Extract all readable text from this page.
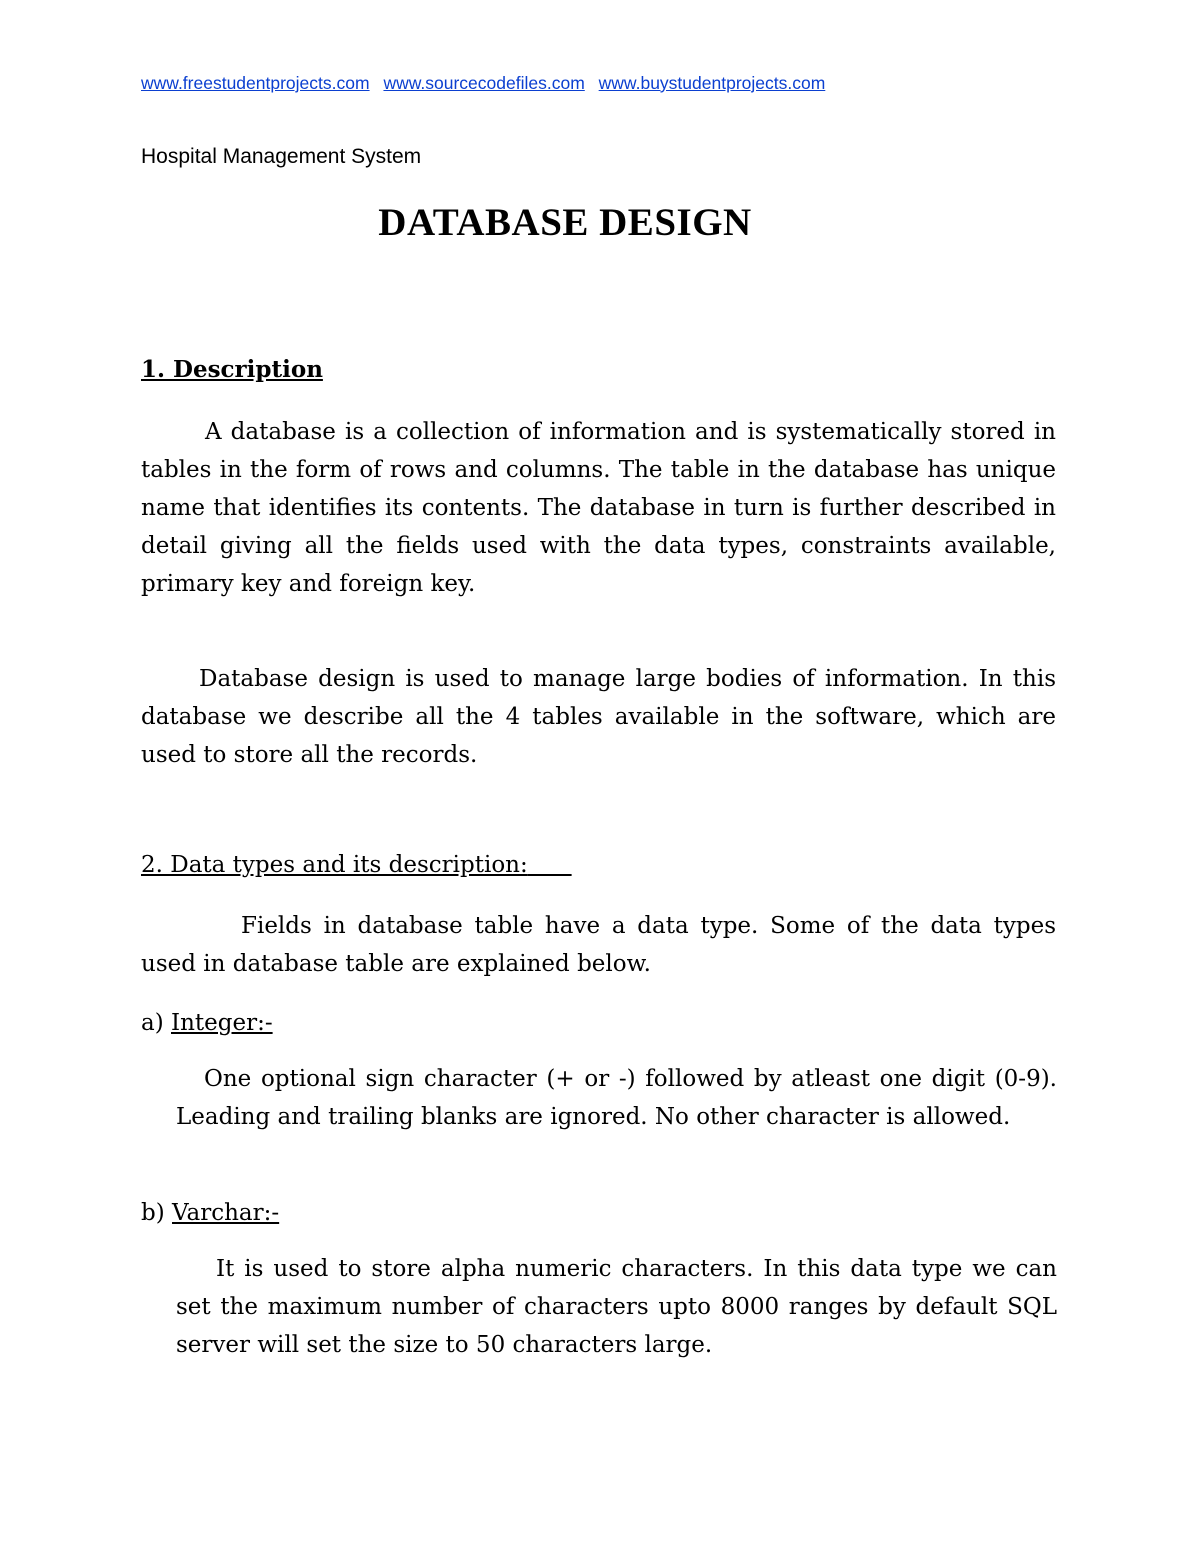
www.freestudentprojects.com www.sourcecodefiles.com www.buystudentprojects.com
Hospital Management System
DATABASE DESIGN
1. Description

A database is a collection of information and is systematically stored in tables in the form of rows and columns. The table in the database has unique name that identifies its contents. The database in turn is further described in detail giving all the fields used with the data types, constraints available, primary key and foreign key.

Database design is used to manage large bodies of information. In this database we describe all the 4 tables available in the software, which are used to store all the records.

2. Data types and its description:

Fields in database table have a data type. Some of the data types used in database table are explained below.

a) Integer:-

One optional sign character (+ or -) followed by atleast one digit (0-9). Leading and trailing blanks are ignored. No other character is allowed.

b) Varchar:-

It is used to store alpha numeric characters. In this data type we can set the maximum number of characters upto 8000 ranges by default SQL server will set the size to 50 characters large.
